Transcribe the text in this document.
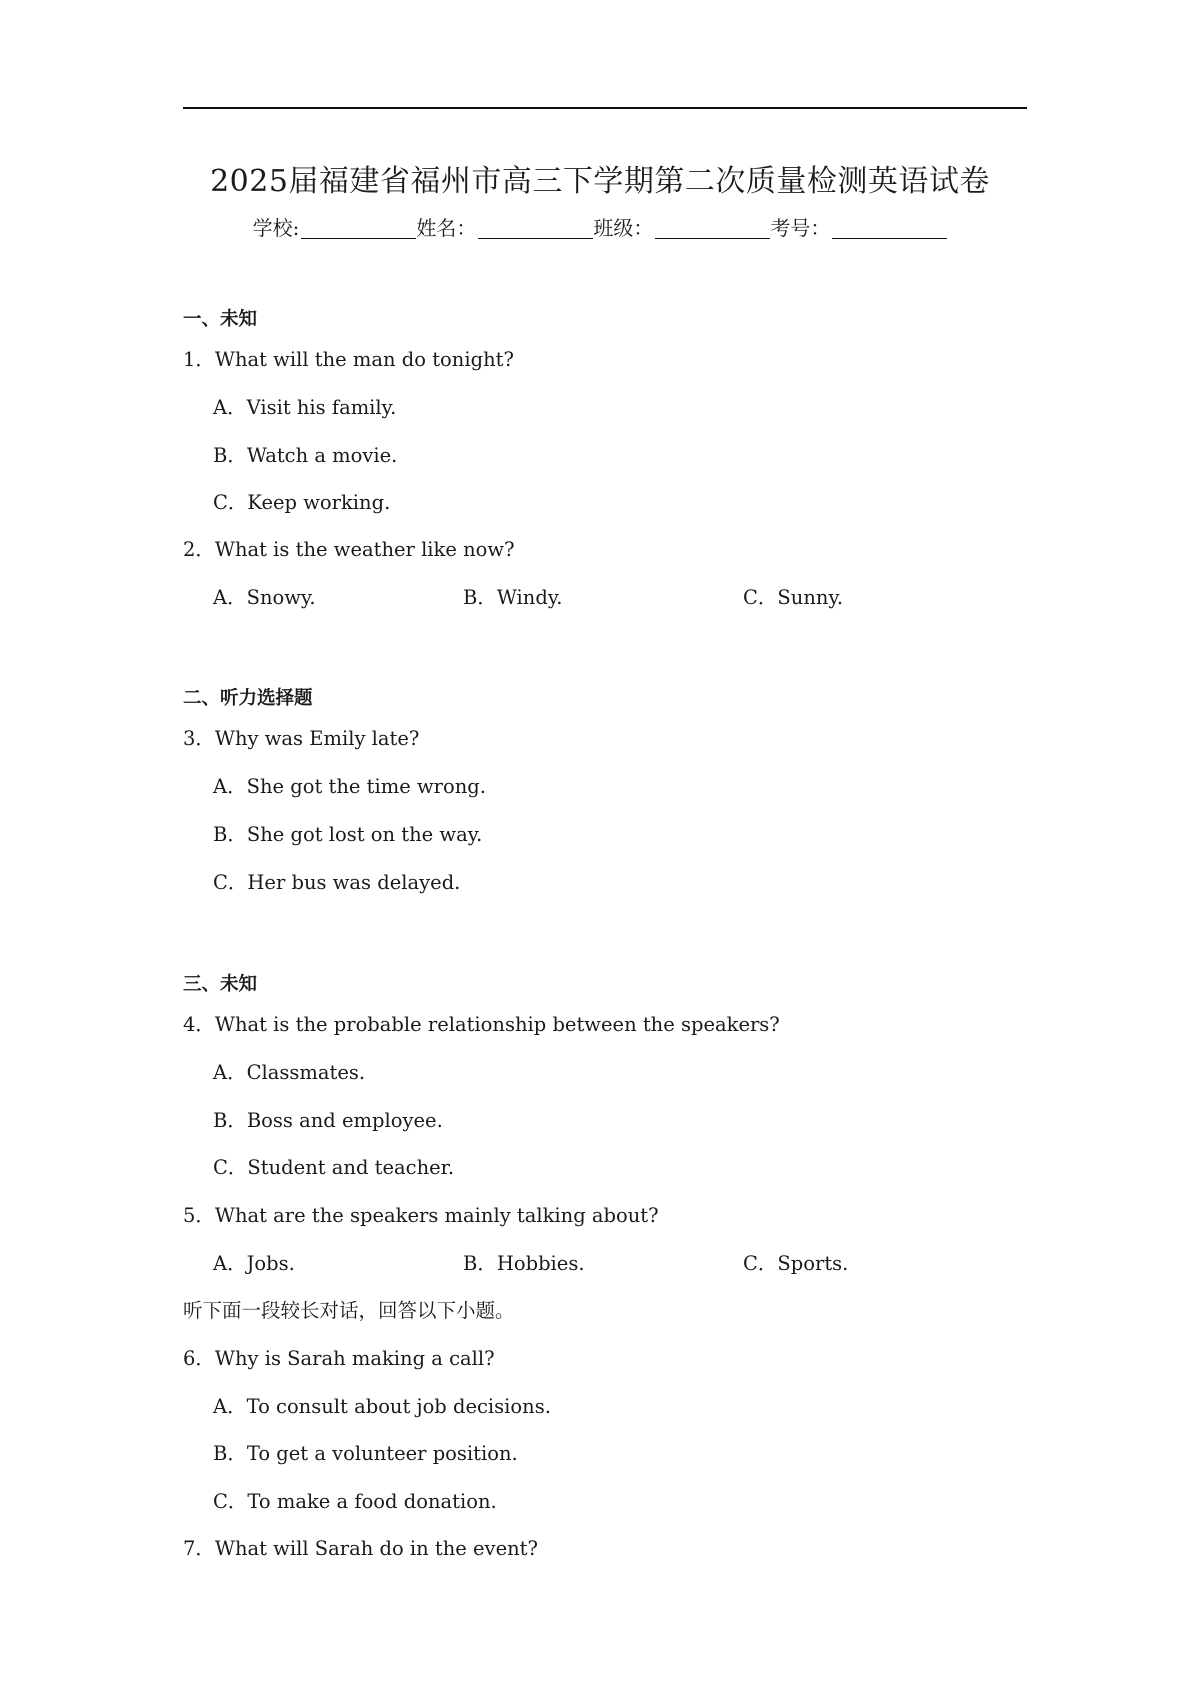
2025届福建省福州市高三下学期第二次质量检测英语试卷
学校:	姓名：	班级：	考号：
一、未知
1．What will the man do tonight?
A．Visit his family.
B．Watch a movie.
C．Keep working.
2．What is the weather like now?
A．Snowy.	B．Windy.	C．Sunny.
二、听力选择题
3．Why was Emily late?
A．She got the time wrong.
B．She got lost on the way.
C．Her bus was delayed.
三、未知
4．What is the probable relationship between the speakers?
A．Classmates.
B．Boss and employee.
C．Student and teacher.
5．What are the speakers mainly talking about?
A．Jobs.	B．Hobbies.	C．Sports.
听下面一段较长对话，回答以下小题。
6．Why is Sarah making a call?
A．To consult about job decisions.
B．To get a volunteer position.
C．To make a food donation.
7．What will Sarah do in the event?
